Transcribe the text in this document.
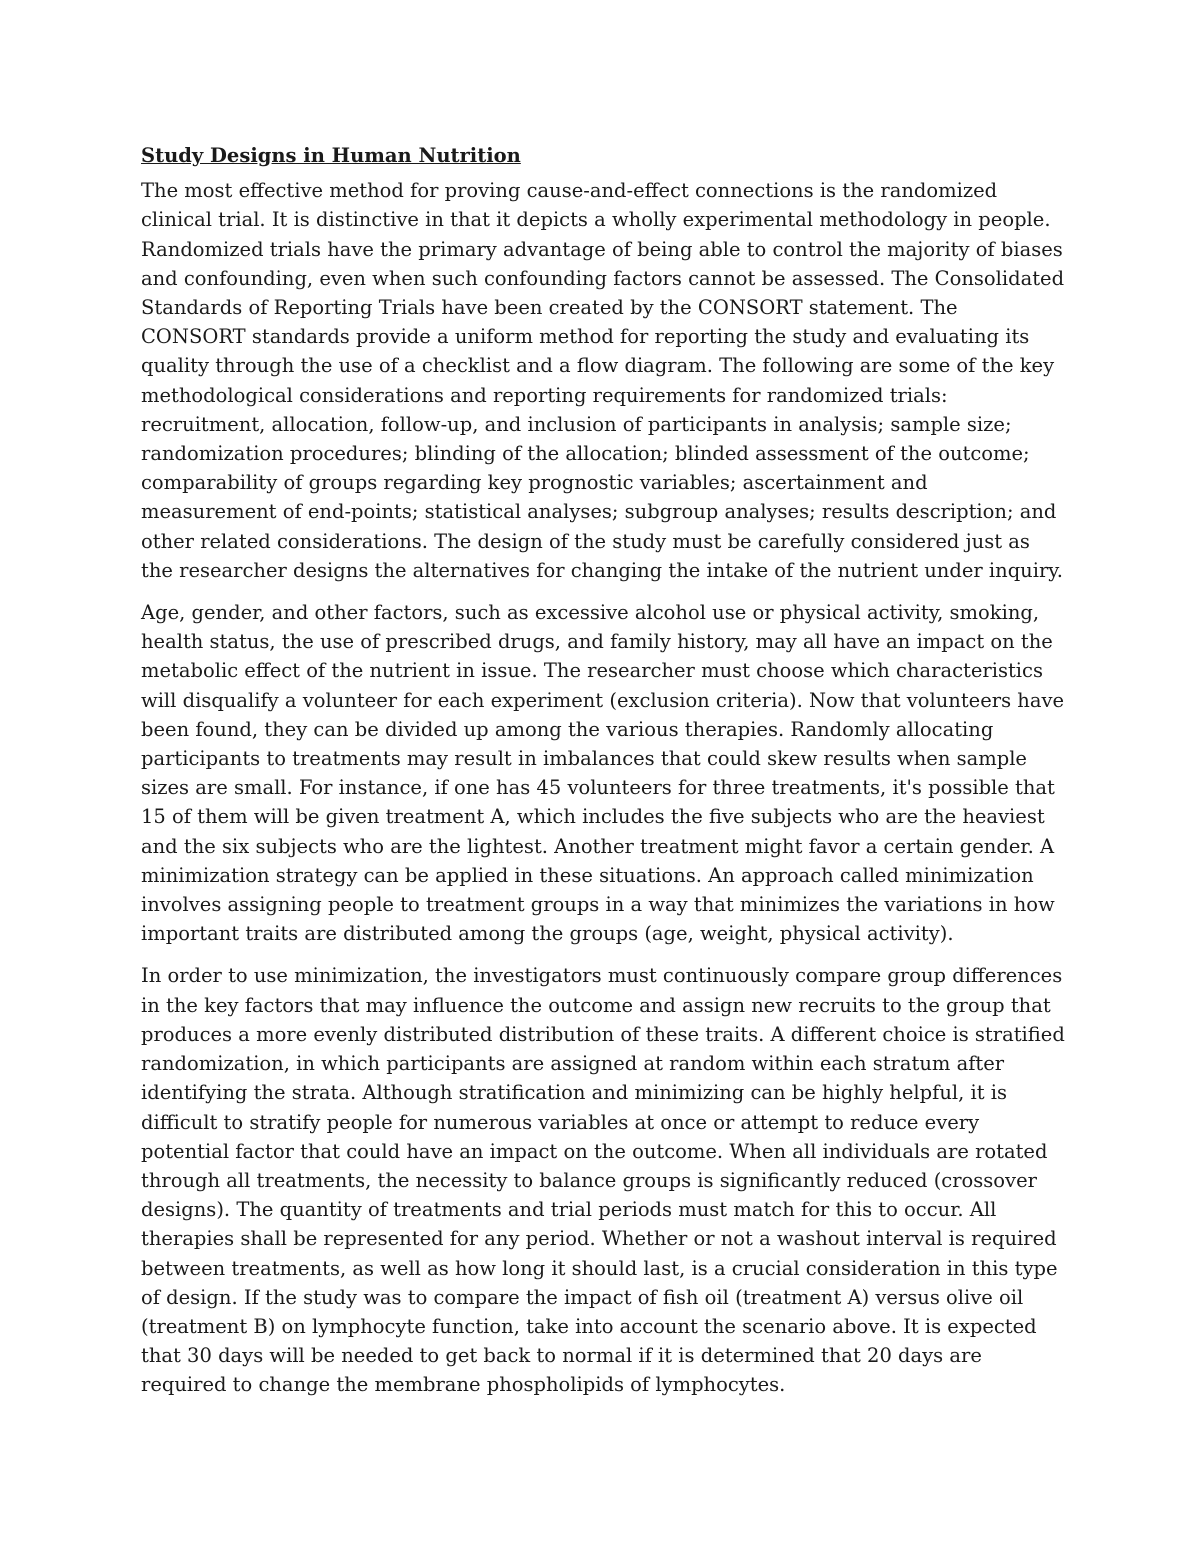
Study Designs in Human Nutrition

The most effective method for proving cause-and-effect connections is the randomized clinical trial. It is distinctive in that it depicts a wholly experimental methodology in people. Randomized trials have the primary advantage of being able to control the majority of biases and confounding, even when such confounding factors cannot be assessed. The Consolidated Standards of Reporting Trials have been created by the CONSORT statement. The CONSORT standards provide a uniform method for reporting the study and evaluating its quality through the use of a checklist and a flow diagram. The following are some of the key methodological considerations and reporting requirements for randomized trials: recruitment, allocation, follow-up, and inclusion of participants in analysis; sample size; randomization procedures; blinding of the allocation; blinded assessment of the outcome; comparability of groups regarding key prognostic variables; ascertainment and measurement of end-points; statistical analyses; subgroup analyses; results description; and other related considerations. The design of the study must be carefully considered just as the researcher designs the alternatives for changing the intake of the nutrient under inquiry.

Age, gender, and other factors, such as excessive alcohol use or physical activity, smoking, health status, the use of prescribed drugs, and family history, may all have an impact on the metabolic effect of the nutrient in issue. The researcher must choose which characteristics will disqualify a volunteer for each experiment (exclusion criteria). Now that volunteers have been found, they can be divided up among the various therapies. Randomly allocating participants to treatments may result in imbalances that could skew results when sample sizes are small. For instance, if one has 45 volunteers for three treatments, it's possible that 15 of them will be given treatment A, which includes the five subjects who are the heaviest and the six subjects who are the lightest. Another treatment might favor a certain gender. A minimization strategy can be applied in these situations. An approach called minimization involves assigning people to treatment groups in a way that minimizes the variations in how important traits are distributed among the groups (age, weight, physical activity).

In order to use minimization, the investigators must continuously compare group differences in the key factors that may influence the outcome and assign new recruits to the group that produces a more evenly distributed distribution of these traits. A different choice is stratified randomization, in which participants are assigned at random within each stratum after identifying the strata. Although stratification and minimizing can be highly helpful, it is difficult to stratify people for numerous variables at once or attempt to reduce every potential factor that could have an impact on the outcome. When all individuals are rotated through all treatments, the necessity to balance groups is significantly reduced (crossover designs). The quantity of treatments and trial periods must match for this to occur. All therapies shall be represented for any period. Whether or not a washout interval is required between treatments, as well as how long it should last, is a crucial consideration in this type of design. If the study was to compare the impact of fish oil (treatment A) versus olive oil (treatment B) on lymphocyte function, take into account the scenario above. It is expected that 30 days will be needed to get back to normal if it is determined that 20 days are required to change the membrane phospholipids of lymphocytes.
